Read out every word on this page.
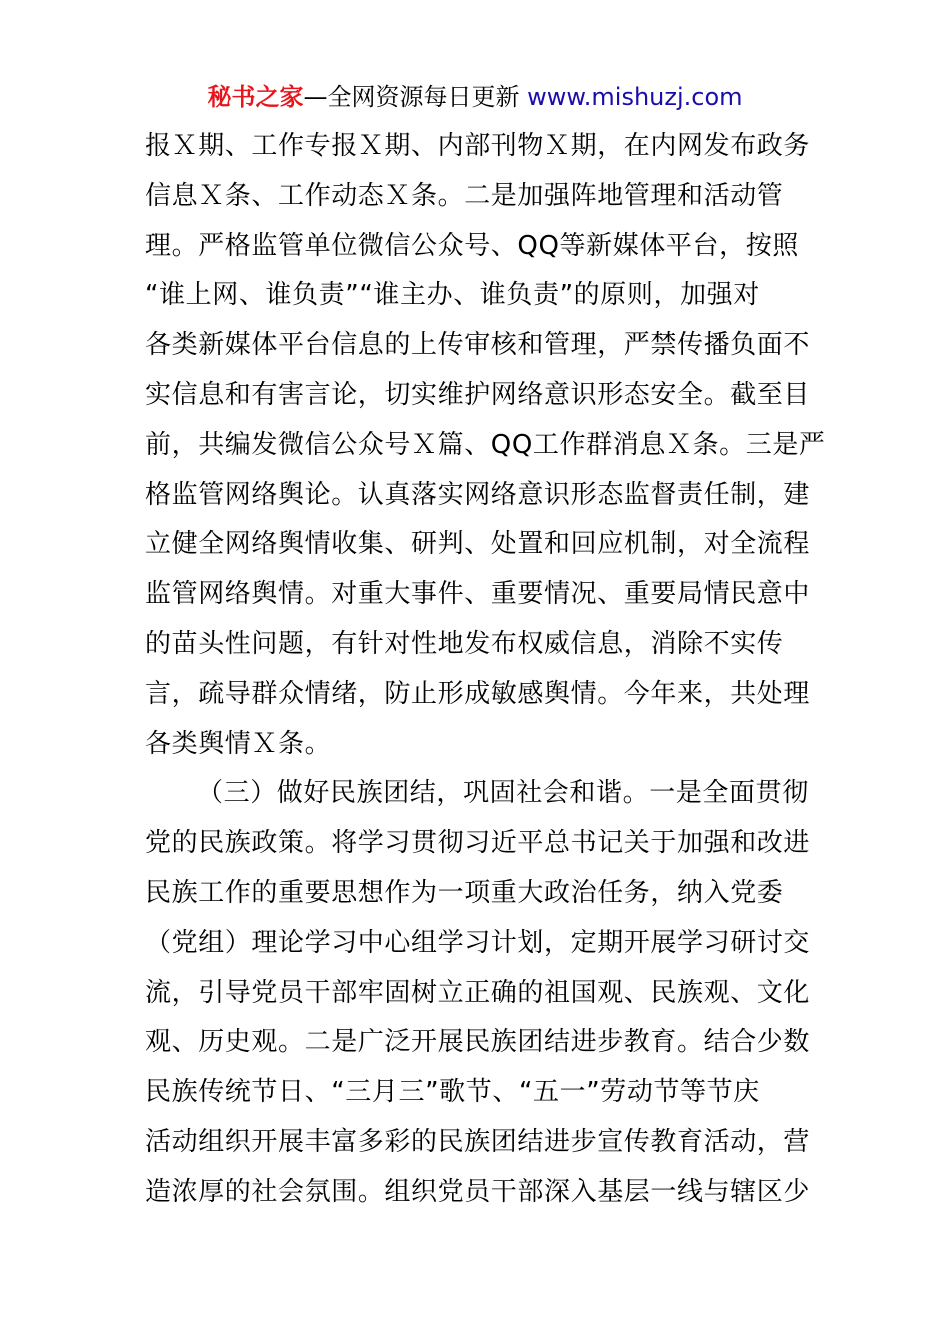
秘书之家—全网资源每日更新 www.mishuzj.com
报Ｘ期、工作专报Ｘ期、内部刊物Ｘ期，在内网发布政务
信息Ｘ条、工作动态Ｘ条。二是加强阵地管理和活动管
理。严格监管单位微信公众号、QQ等新媒体平台，按照
“谁上网、谁负责”“谁主办、谁负责”的原则，加强对
各类新媒体平台信息的上传审核和管理，严禁传播负面不
实信息和有害言论，切实维护网络意识形态安全。截至目
前，共编发微信公众号Ｘ篇、QQ工作群消息Ｘ条。三是严
格监管网络舆论。认真落实网络意识形态监督责任制，建
立健全网络舆情收集、研判、处置和回应机制，对全流程
监管网络舆情。对重大事件、重要情况、重要局情民意中
的苗头性问题，有针对性地发布权威信息，消除不实传
言，疏导群众情绪，防止形成敏感舆情。今年来，共处理
各类舆情Ｘ条。
（三）做好民族团结，巩固社会和谐。一是全面贯彻
党的民族政策。将学习贯彻习近平总书记关于加强和改进
民族工作的重要思想作为一项重大政治任务，纳入党委
（党组）理论学习中心组学习计划，定期开展学习研讨交
流，引导党员干部牢固树立正确的祖国观、民族观、文化
观、历史观。二是广泛开展民族团结进步教育。结合少数
民族传统节日、“三月三”歌节、“五一”劳动节等节庆
活动组织开展丰富多彩的民族团结进步宣传教育活动，营
造浓厚的社会氛围。组织党员干部深入基层一线与辖区少
